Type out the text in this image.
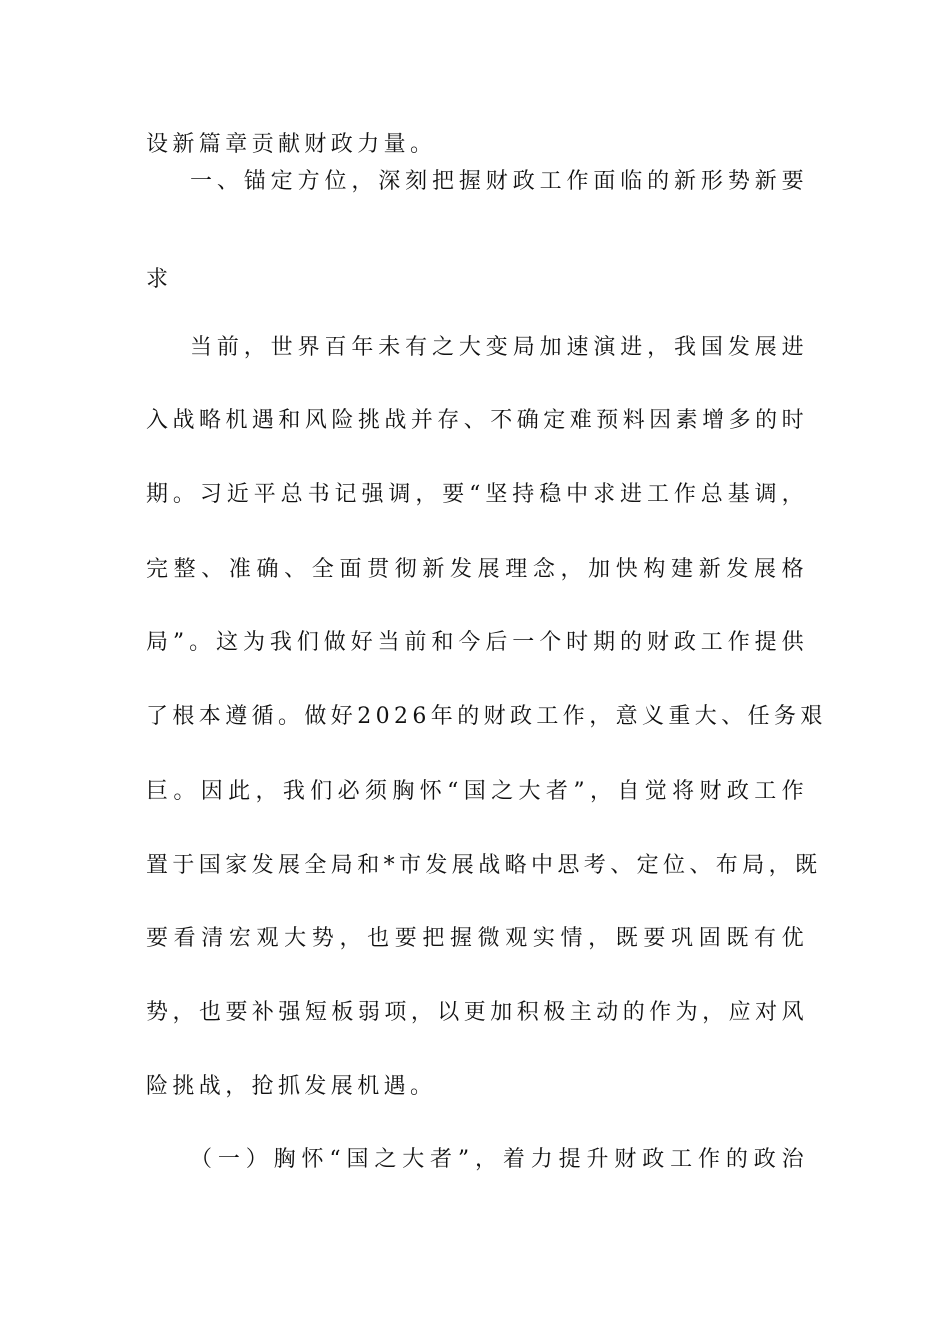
设新篇章贡献财政力量。
一、锚定方位，深刻把握财政工作面临的新形势新要
求
当前，世界百年未有之大变局加速演进，我国发展进
入战略机遇和风险挑战并存、不确定难预料因素增多的时
期。习近平总书记强调，要“坚持稳中求进工作总基调，
完整、准确、全面贯彻新发展理念，加快构建新发展格
局”。这为我们做好当前和今后一个时期的财政工作提供
了根本遵循。做好2026年的财政工作，意义重大、任务艰
巨。因此，我们必须胸怀“国之大者”，自觉将财政工作
置于国家发展全局和*市发展战略中思考、定位、布局，既
要看清宏观大势，也要把握微观实情，既要巩固既有优
势，也要补强短板弱项，以更加积极主动的作为，应对风
险挑战，抢抓发展机遇。
（一）胸怀“国之大者”，着力提升财政工作的政治
